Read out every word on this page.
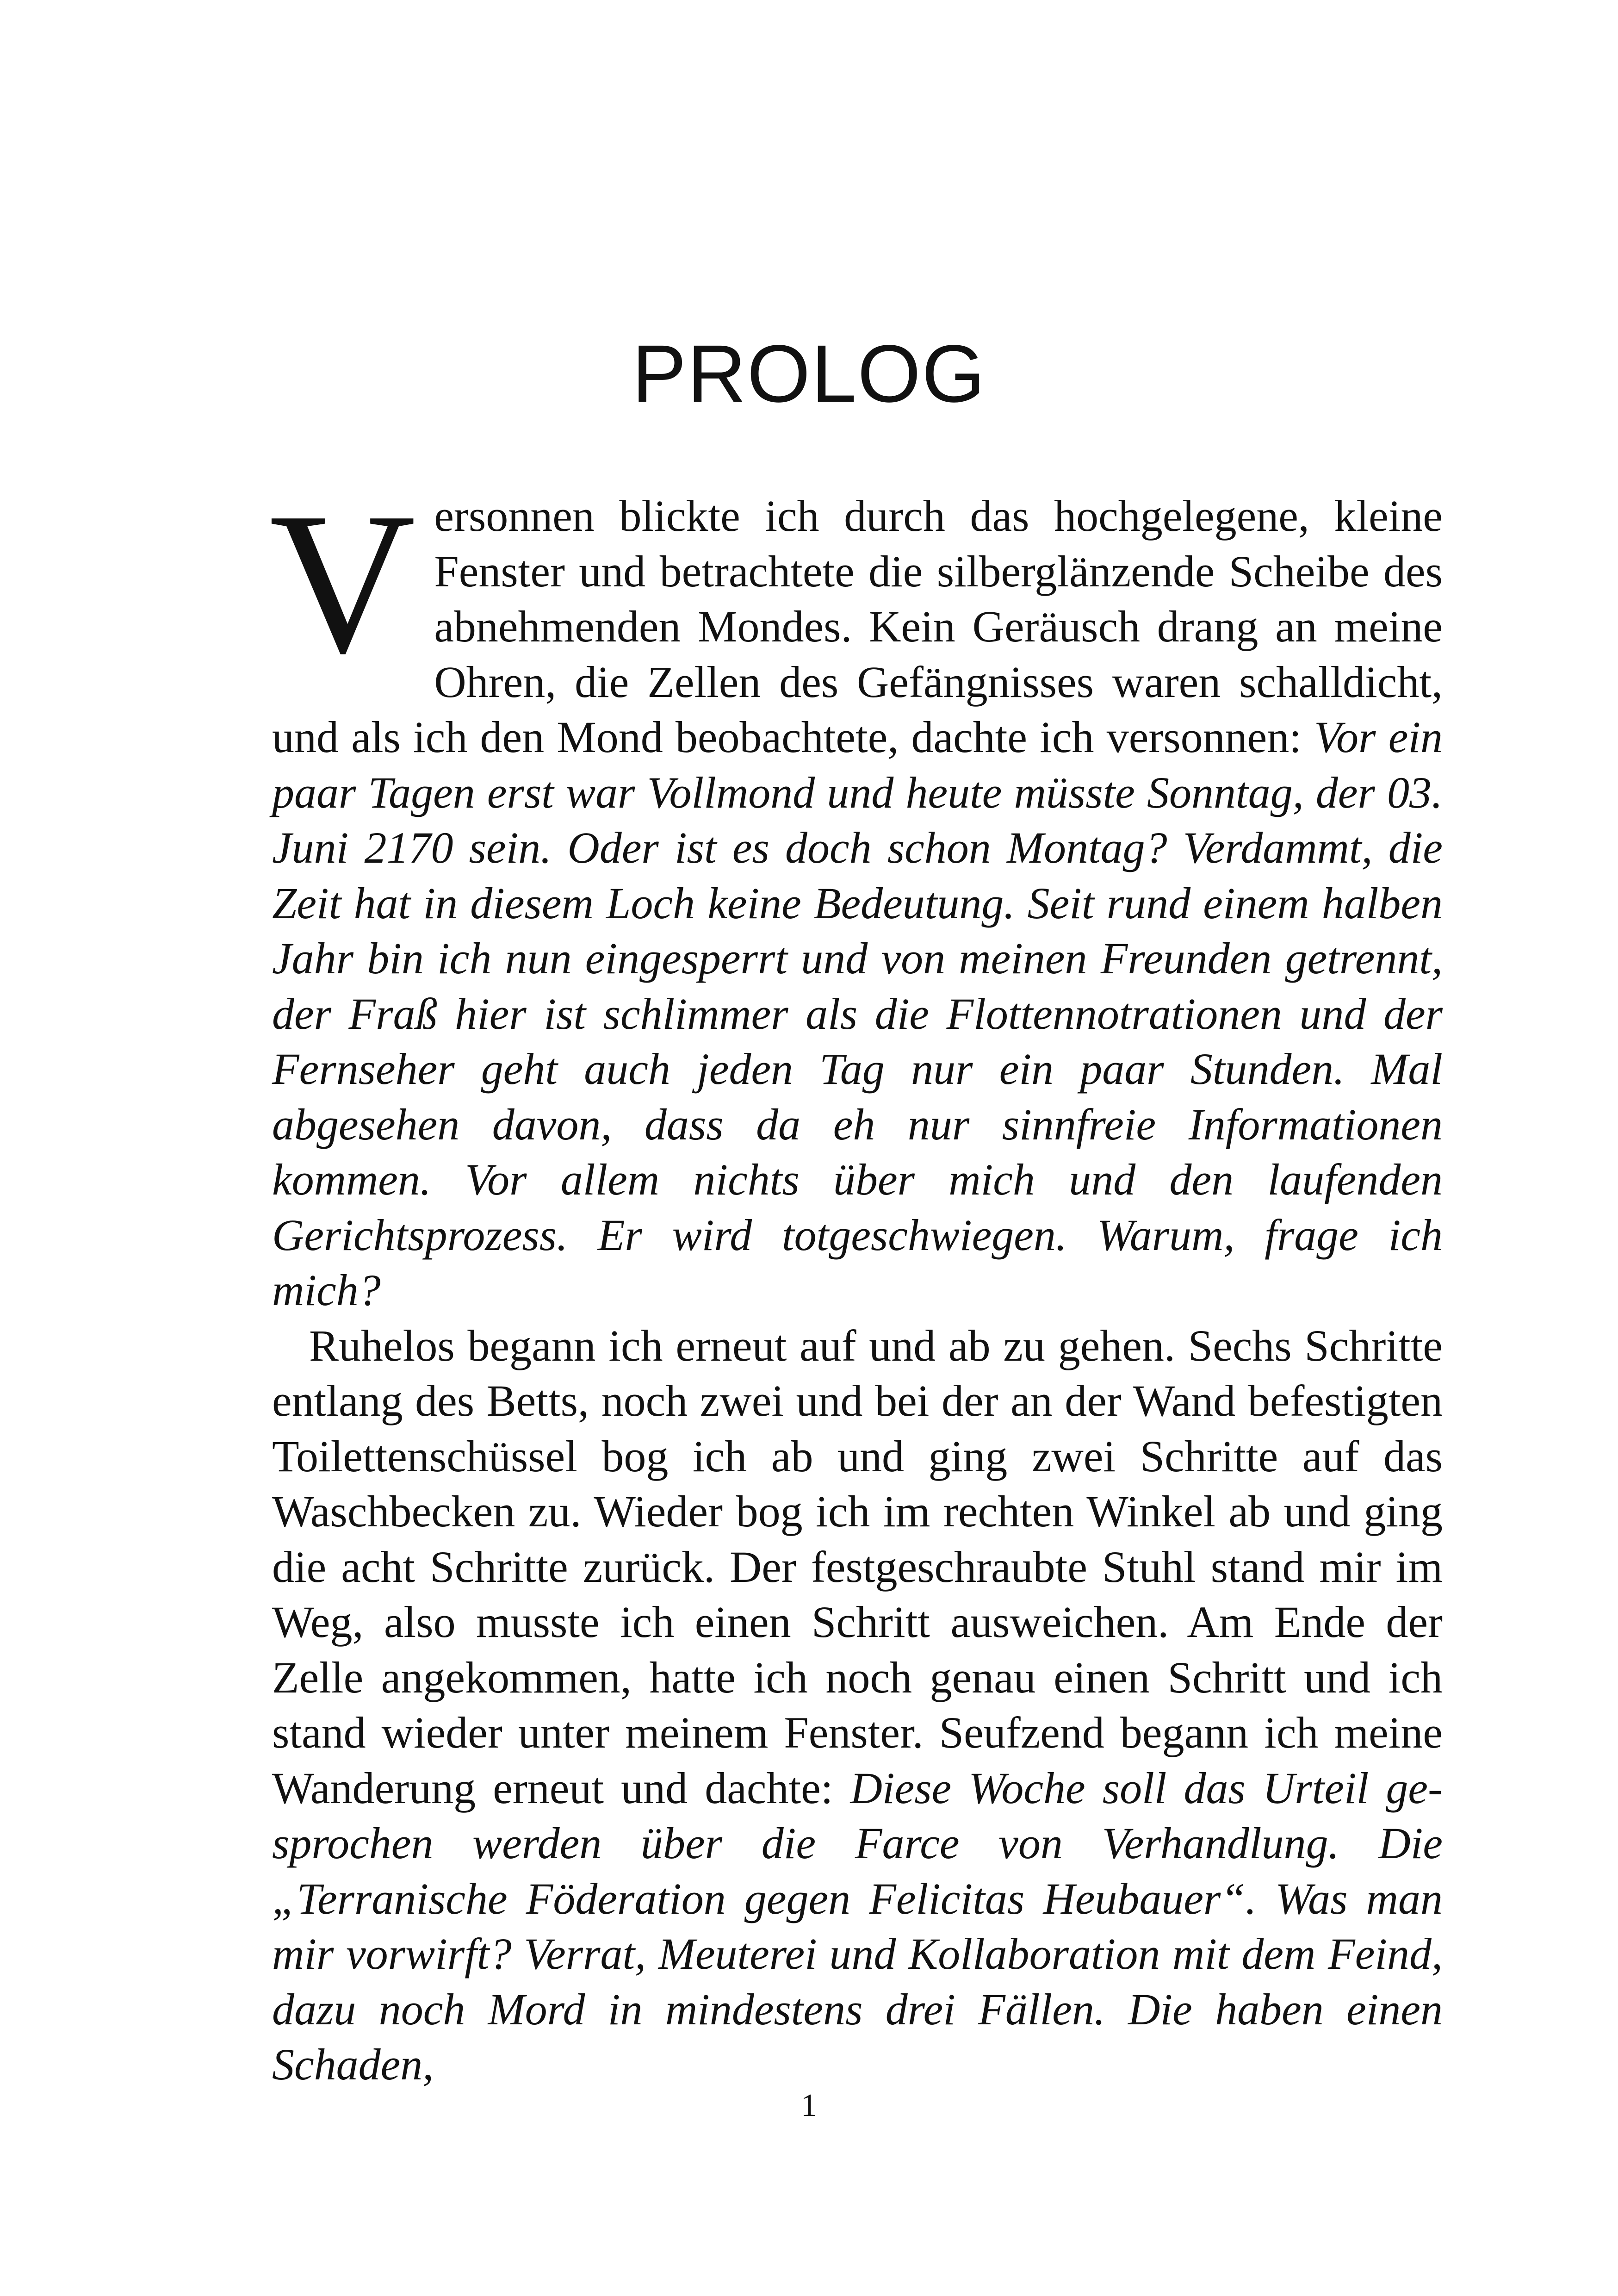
PROLOG

Versonnen blickte ich durch das hochgelegene, kleine Fenster und betrachtete die silberglänzende Scheibe des abnehmenden Mondes. Kein Geräusch drang an meine Ohren, die Zellen des Gefängnisses waren schalldicht, und als ich den Mond beobachtete, dachte ich versonnen: Vor ein paar Tagen erst war Vollmond und heute müsste Sonntag, der 03. Juni 2170 sein. Oder ist es doch schon Montag? Verdammt, die Zeit hat in diesem Loch keine Bedeutung. Seit rund einem halben Jahr bin ich nun eingesperrt und von meinen Freunden getrennt, der Fraß hier ist schlimmer als die Flottennotrationen und der Fernseher geht auch jeden Tag nur ein paar Stunden. Mal abgesehen davon, dass da eh nur sinnfreie Informationen kommen. Vor allem nichts über mich und den laufenden Gerichtsprozess. Er wird totgeschwiegen. Warum, frage ich mich?

Ruhelos begann ich erneut auf und ab zu gehen. Sechs Schritte entlang des Betts, noch zwei und bei der an der Wand befestigten Toilettenschüssel bog ich ab und ging zwei Schritte auf das Waschbecken zu. Wieder bog ich im rechten Winkel ab und ging die acht Schritte zurück. Der festgeschraubte Stuhl stand mir im Weg, also musste ich einen Schritt ausweichen. Am Ende der Zelle angekommen, hatte ich noch genau einen Schritt und ich stand wieder unter meinem Fenster. Seufzend begann ich meine Wanderung erneut und dachte: Diese Woche soll das Urteil gesprochen werden über die Farce von Verhandlung. Die „Terranische Föderation gegen Felicitas Heubauer“. Was man mir vorwirft? Verrat, Meuterei und Kollaboration mit dem Feind, dazu noch Mord in mindestens drei Fällen. Die haben einen Schaden,

1
